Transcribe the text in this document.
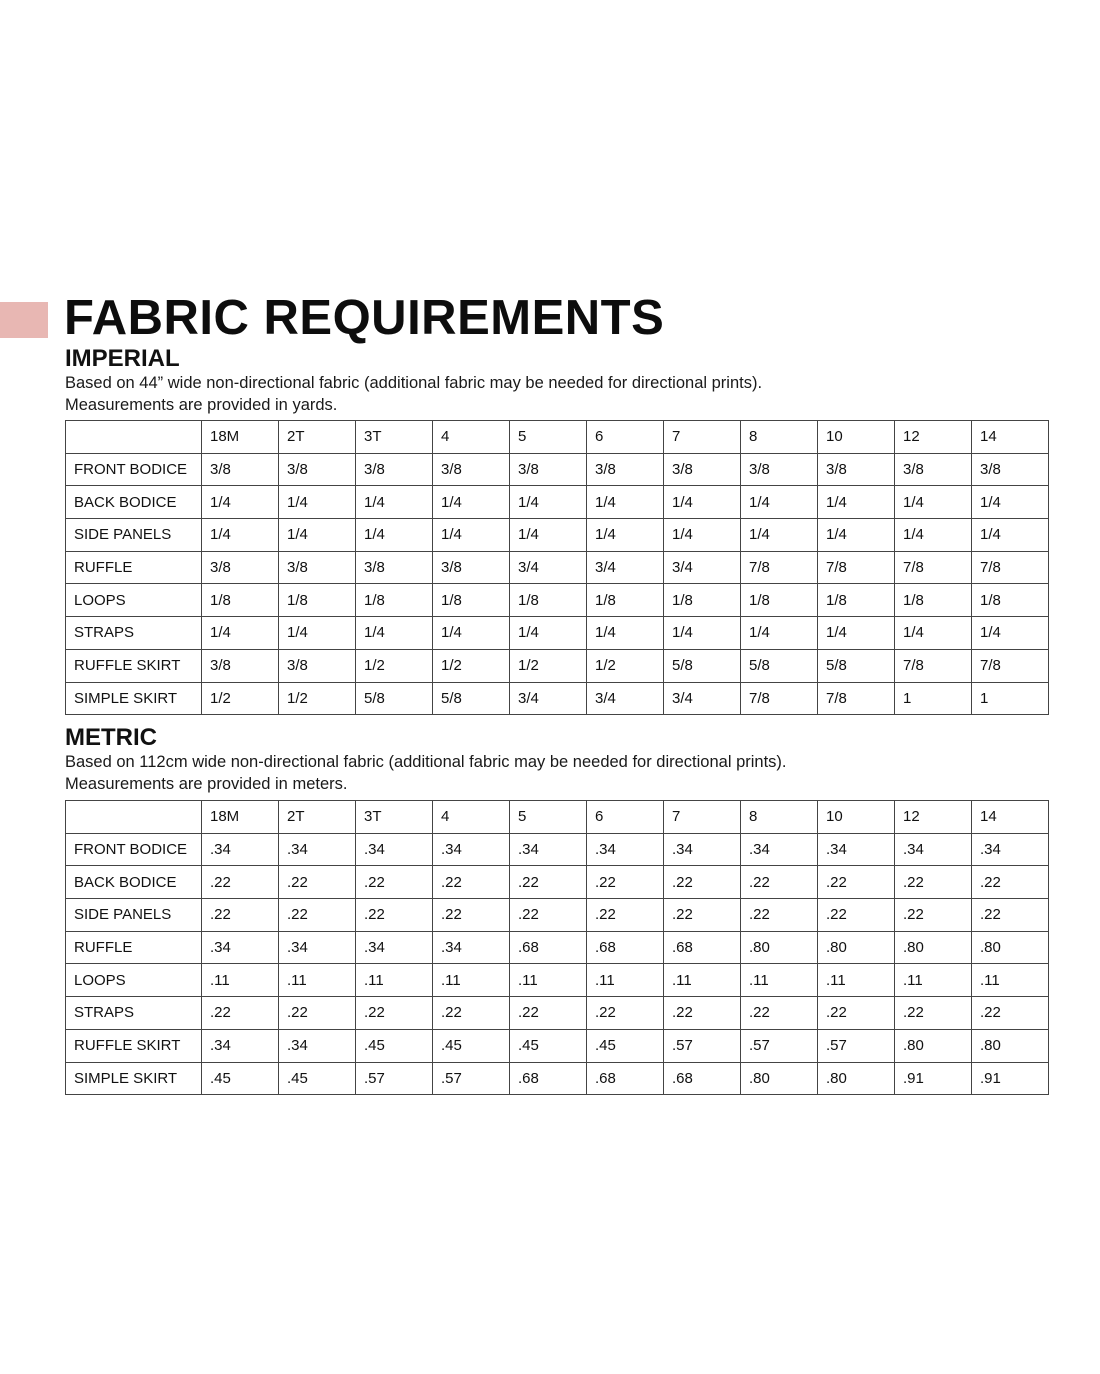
FABRIC REQUIREMENTS
IMPERIAL

Based on 44” wide non-directional fabric (additional fabric may be needed for directional prints).

Measurements are provided in yards.

	18M	2T	3T	4	5	6	7	8	10	12	14
FRONT BODICE	3/8	3/8	3/8	3/8	3/8	3/8	3/8	3/8	3/8	3/8	3/8
BACK BODICE	1/4	1/4	1/4	1/4	1/4	1/4	1/4	1/4	1/4	1/4	1/4
SIDE PANELS	1/4	1/4	1/4	1/4	1/4	1/4	1/4	1/4	1/4	1/4	1/4
RUFFLE	3/8	3/8	3/8	3/8	3/4	3/4	3/4	7/8	7/8	7/8	7/8
LOOPS	1/8	1/8	1/8	1/8	1/8	1/8	1/8	1/8	1/8	1/8	1/8
STRAPS	1/4	1/4	1/4	1/4	1/4	1/4	1/4	1/4	1/4	1/4	1/4
RUFFLE SKIRT	3/8	3/8	1/2	1/2	1/2	1/2	5/8	5/8	5/8	7/8	7/8
SIMPLE SKIRT	1/2	1/2	5/8	5/8	3/4	3/4	3/4	7/8	7/8	1	1
METRIC

Based on 112cm wide non-directional fabric (additional fabric may be needed for directional prints).

Measurements are provided in meters.

	18M	2T	3T	4	5	6	7	8	10	12	14
FRONT BODICE	.34	.34	.34	.34	.34	.34	.34	.34	.34	.34	.34
BACK BODICE	.22	.22	.22	.22	.22	.22	.22	.22	.22	.22	.22
SIDE PANELS	.22	.22	.22	.22	.22	.22	.22	.22	.22	.22	.22
RUFFLE	.34	.34	.34	.34	.68	.68	.68	.80	.80	.80	.80
LOOPS	.11	.11	.11	.11	.11	.11	.11	.11	.11	.11	.11
STRAPS	.22	.22	.22	.22	.22	.22	.22	.22	.22	.22	.22
RUFFLE SKIRT	.34	.34	.45	.45	.45	.45	.57	.57	.57	.80	.80
SIMPLE SKIRT	.45	.45	.57	.57	.68	.68	.68	.80	.80	.91	.91
